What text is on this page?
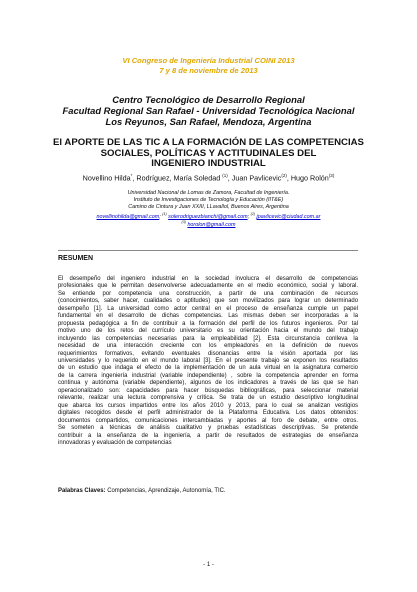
VI Congreso de Ingeniería Industrial COINI 2013
7 y 8 de noviembre de 2013
Centro Tecnológico de Desarrollo Regional
Facultad Regional San Rafael - Universidad Tecnológica Nacional
Los Reyunos, San Rafael, Mendoza, Argentina
El APORTE DE LAS TIC A LA FORMACIÓN DE LAS COMPETENCIAS
SOCIALES, POLÍTICAS Y ACTITUDINALES DEL
INGENIERO INDUSTRIAL
Novellino Hilda*, Rodríguez, María Soledad $^{(1)}$, Juan Pavlicevic$^{(2)}$, Hugo Rolón$^{(3)}$
Universidad Nacional de Lomas de Zamora, Facultad de Ingeniería.
Instituto de Investigaciones de Tecnología y Educación (IIT&E)
Camino de Cintura y Juan XXIII, LLavallol, Buenos Aires, Argentina
novellinohilda@gmail.com; $^{(1)}$ solerodriguezbianchi@gmail.com; $^{(2)}$ jpavlicevic@ciudad.com.ar
$^{(3)}$ horolon@gmail.com
RESUMEN
El desempeño del ingeniero industrial en la sociedad involucra el desarrollo de competencias
profesionales que le permitan desenvolverse adecuadamente en el medio económico, social y laboral.
Se entiende por competencia una construcción, a partir de una combinación de recursos
(conocimientos, saber hacer, cualidades o aptitudes) que son movilizados para lograr un determinado
desempeño [1]. La universidad como actor central en el proceso de enseñanza cumple un papel
fundamental en el desarrollo de dichas competencias. Las mismas deben ser incorporadas a la
propuesta pedagógica a fin de contribuir a la formación del perfil de los futuros ingenieros. Por tal
motivo uno de los retos del currículo universitario es su orientación hacia el mundo del trabajo
incluyendo las competencias necesarias para la empleabilidad [2]. Esta circunstancia conlleva la
necesidad de una interacción creciente con los empleadores en la definición de nuevos
requerimientos formativos, evitando eventuales disonancias entre la visión aportada por las
universidades y lo requerido en el mundo laboral [3]. En el presente trabajo se exponen los resultados
de un estudio que indaga el efecto de la implementación de un aula virtual en la asignatura comercio
de la carrera ingeniería industrial (variable independiente) , sobre la competencia aprender en forma
continua y autónoma (variable dependiente), algunos de los indicadores a través de las que se han
operacionalizado son: capacidades para hacer búsquedas bibliográficas, para seleccionar material
relevante, realizar una lectura comprensiva y crítica. Se trata de un estudio descriptivo longitudinal
que abarca los cursos impartidos entre los años 2010 y 2013, para lo cual se analizan vestigios
digitales recogidos desde el perfil administrador de la Plataforma Educativa. Los datos obtenidos:
documentos compartidos, comunicaciones intercambiadas y aportes al foro de debate, entre otros.
Se someten a técnicas de análisis cualitativo y pruebas estadísticas descriptivas. Se pretende
contribuir a la enseñanza de la ingeniería, a partir de resultados de estrategias de enseñanza
innovadoras y evaluación de competencias
Palabras Claves: Competencias, Aprendizaje, Autonomía, TIC.
- 1 -
